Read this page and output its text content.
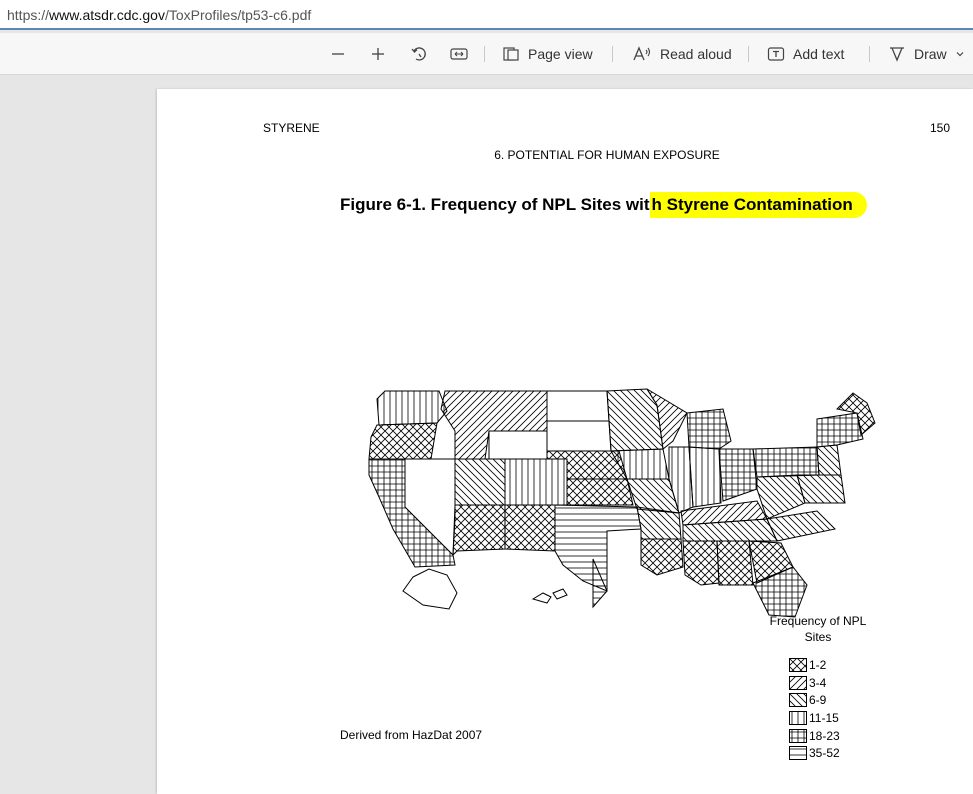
https://www.atsdr.cdc.gov/ToxProfiles/tp53-c6.pdf
Page view	Read aloud	Add text	Draw
STYRENE	150
6. POTENTIAL FOR HUMAN EXPOSURE
Figure 6-1. Frequency of NPL Sites wit h Styrene Contamination
Frequency of NPL Sites
1-2
3-4
6-9
11-15
18-23
35-52
Derived from HazDat 2007
